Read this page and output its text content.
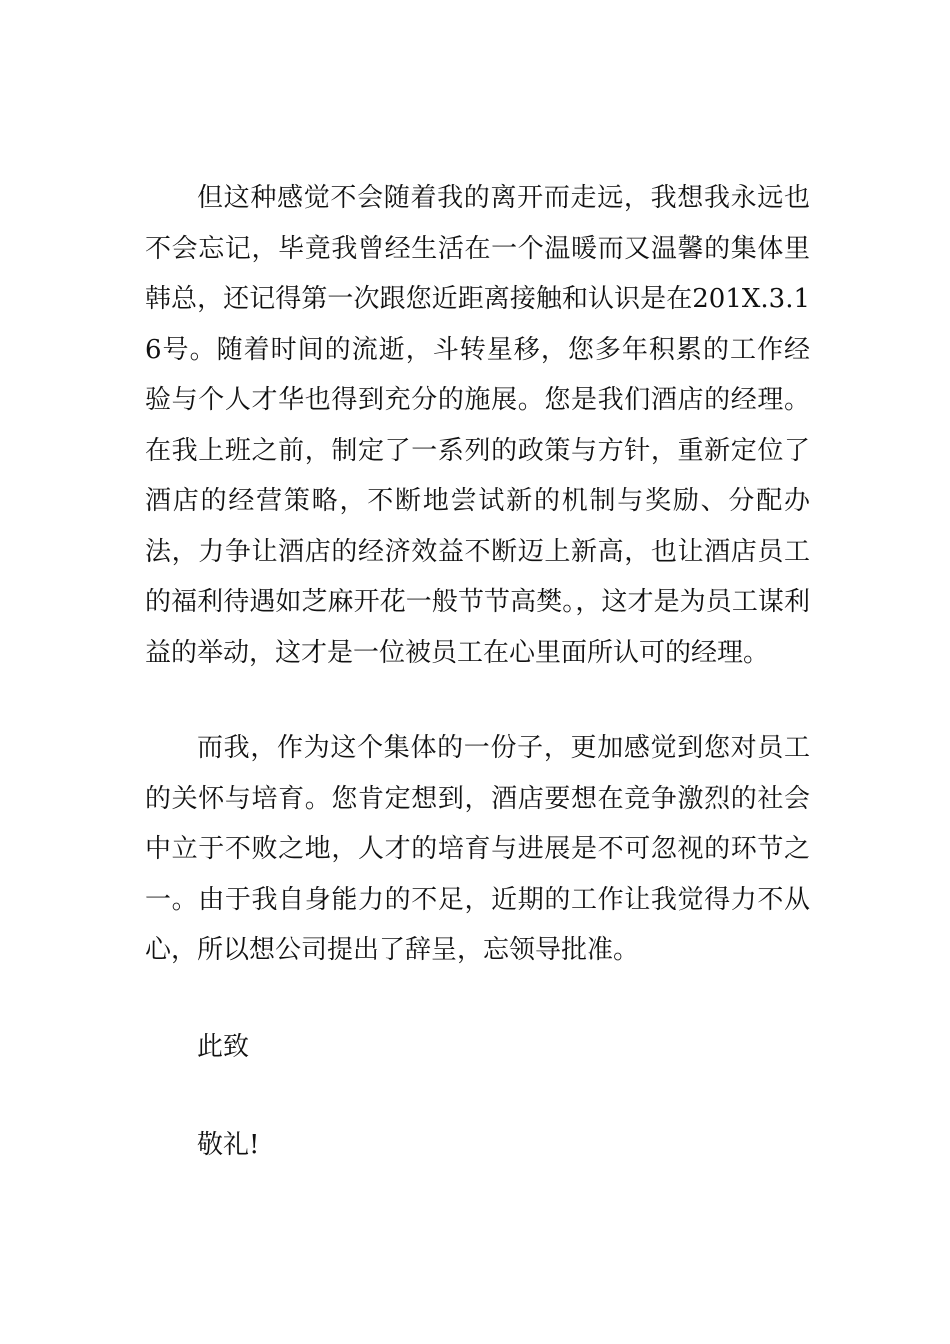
但这种感觉不会随着我的离开而走远，我想我永远也不会忘记，毕竟我曾经生活在一个温暖而又温馨的集体里韩总，还记得第一次跟您近距离接触和认识是在201X.3.16号。随着时间的流逝，斗转星移，您多年积累的工作经验与个人才华也得到充分的施展。您是我们酒店的经理。在我上班之前，制定了一系列的政策与方针，重新定位了酒店的经营策略，不断地尝试新的机制与奖励、分配办法，力争让酒店的经济效益不断迈上新高，也让酒店员工的福利待遇如芝麻开花一般节节高樊。，这才是为员工谋利益的举动，这才是一位被员工在心里面所认可的经理。

而我，作为这个集体的一份子，更加感觉到您对员工的关怀与培育。您肯定想到，酒店要想在竞争激烈的社会中立于不败之地，人才的培育与进展是不可忽视的环节之一。由于我自身能力的不足，近期的工作让我觉得力不从心，所以想公司提出了辞呈，忘领导批准。

此致

敬礼!
